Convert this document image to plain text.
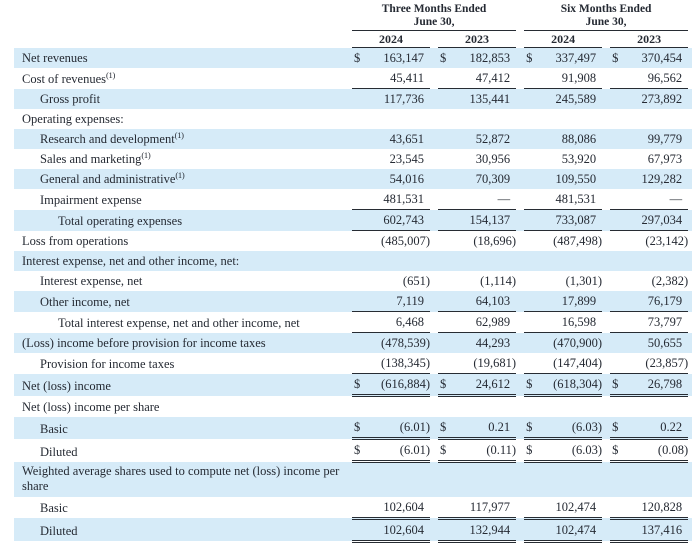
	Three Months Ended
June 30,						Six Months Ended
June 30,					
	2024			2023			2024			2023		
Net revenues	$	163,147		$	182,853		$	337,497		$	370,454	
Cost of revenues$^{(1)}$		45,411			47,412			91,908			96,562	
Gross profit		117,736			135,441			245,589			273,892	
Operating expenses:												
Research and development$^{(1)}$		43,651			52,872			88,086			99,779	
Sales and marketing$^{(1)}$		23,545			30,956			53,920			67,973	
General and administrative$^{(1)}$		54,016			70,309			109,550			129,282	
Impairment expense		481,531			—			481,531			—	
Total operating expenses		602,743			154,137			733,087			297,034	
Loss from operations		(485,007)			(18,696)			(487,498)			(23,142)	
Interest expense, net and other income, net:												
Interest expense, net		(651)			(1,114)			(1,301)			(2,382)	
Other income, net		7,119			64,103			17,899			76,179	
Total interest expense, net and other income, net		6,468			62,989			16,598			73,797	
(Loss) income before provision for income taxes		(478,539)			44,293			(470,900)			50,655	
Provision for income taxes		(138,345)			(19,681)			(147,404)			(23,857)	
Net (loss) income	$	(616,884)		$	24,612		$	(618,304)		$	26,798	
Net (loss) income per share												
Basic	$	(6.01)		$	0.21		$	(6.03)		$	0.22	
Diluted	$	(6.01)		$	(0.11)		$	(6.03)		$	(0.08)	
Weighted average shares used to compute net (loss) income per share												
Basic		102,604			117,977			102,474			120,828	
Diluted		102,604			132,944			102,474			137,416	
